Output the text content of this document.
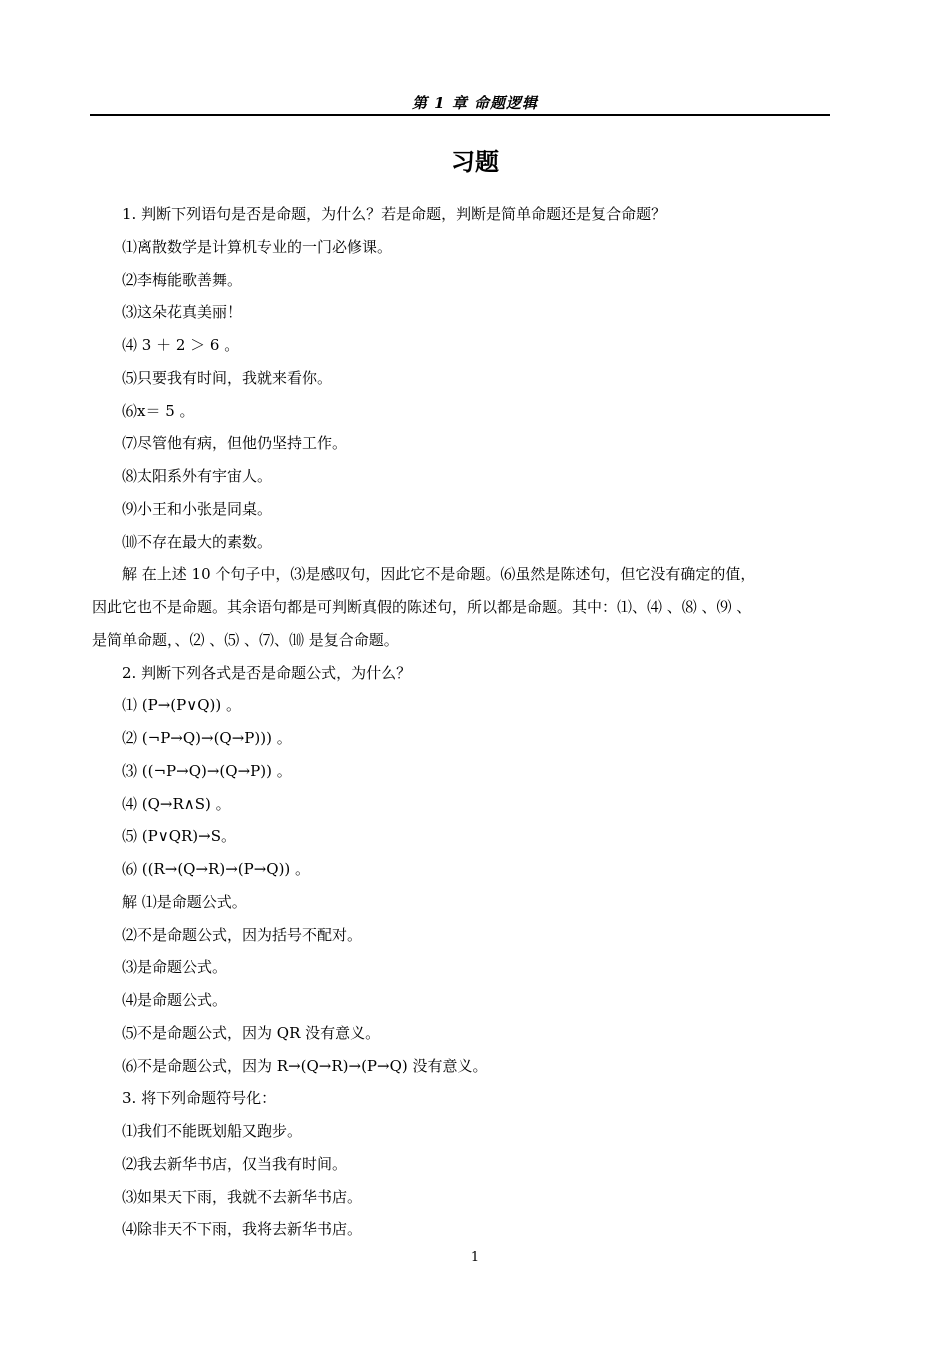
第 1 章 命题逻辑
习题
1. 判断下列语句是否是命题，为什么？若是命题，判断是简单命题还是复合命题？
⑴离散数学是计算机专业的一门必修课。
⑵李梅能歌善舞。
⑶这朵花真美丽！
⑷ 3 ＋ 2 ＞ 6 。
⑸只要我有时间，我就来看你。
⑹x＝ 5 。
⑺尽管他有病，但他仍坚持工作。
⑻太阳系外有宇宙人。
⑼小王和小张是同桌。
⑽不存在最大的素数。
解 在上述 10 个句子中，⑶是感叹句，因此它不是命题。⑹虽然是陈述句，但它没有确定的值，
因此它也不是命题。其余语句都是可判断真假的陈述句，所以都是命题。其中：⑴、⑷ 、⑻ 、⑼ 、
是简单命题，、⑵ 、⑸ 、⑺、⑽ 是复合命题。
2. 判断下列各式是否是命题公式，为什么？
⑴ (P→(P∨Q)) 。
⑵ (¬P→Q)→(Q→P))) 。
⑶ ((¬P→Q)→(Q→P)) 。
⑷ (Q→R∧S) 。
⑸ (P∨QR)→S。
⑹ ((R→(Q→R)→(P→Q)) 。
解 ⑴是命题公式。
⑵不是命题公式，因为括号不配对。
⑶是命题公式。
⑷是命题公式。
⑸不是命题公式，因为 QR 没有意义。
⑹不是命题公式，因为 R→(Q→R)→(P→Q) 没有意义。
3. 将下列命题符号化：
⑴我们不能既划船又跑步。
⑵我去新华书店，仅当我有时间。
⑶如果天下雨，我就不去新华书店。
⑷除非天不下雨，我将去新华书店。
1
